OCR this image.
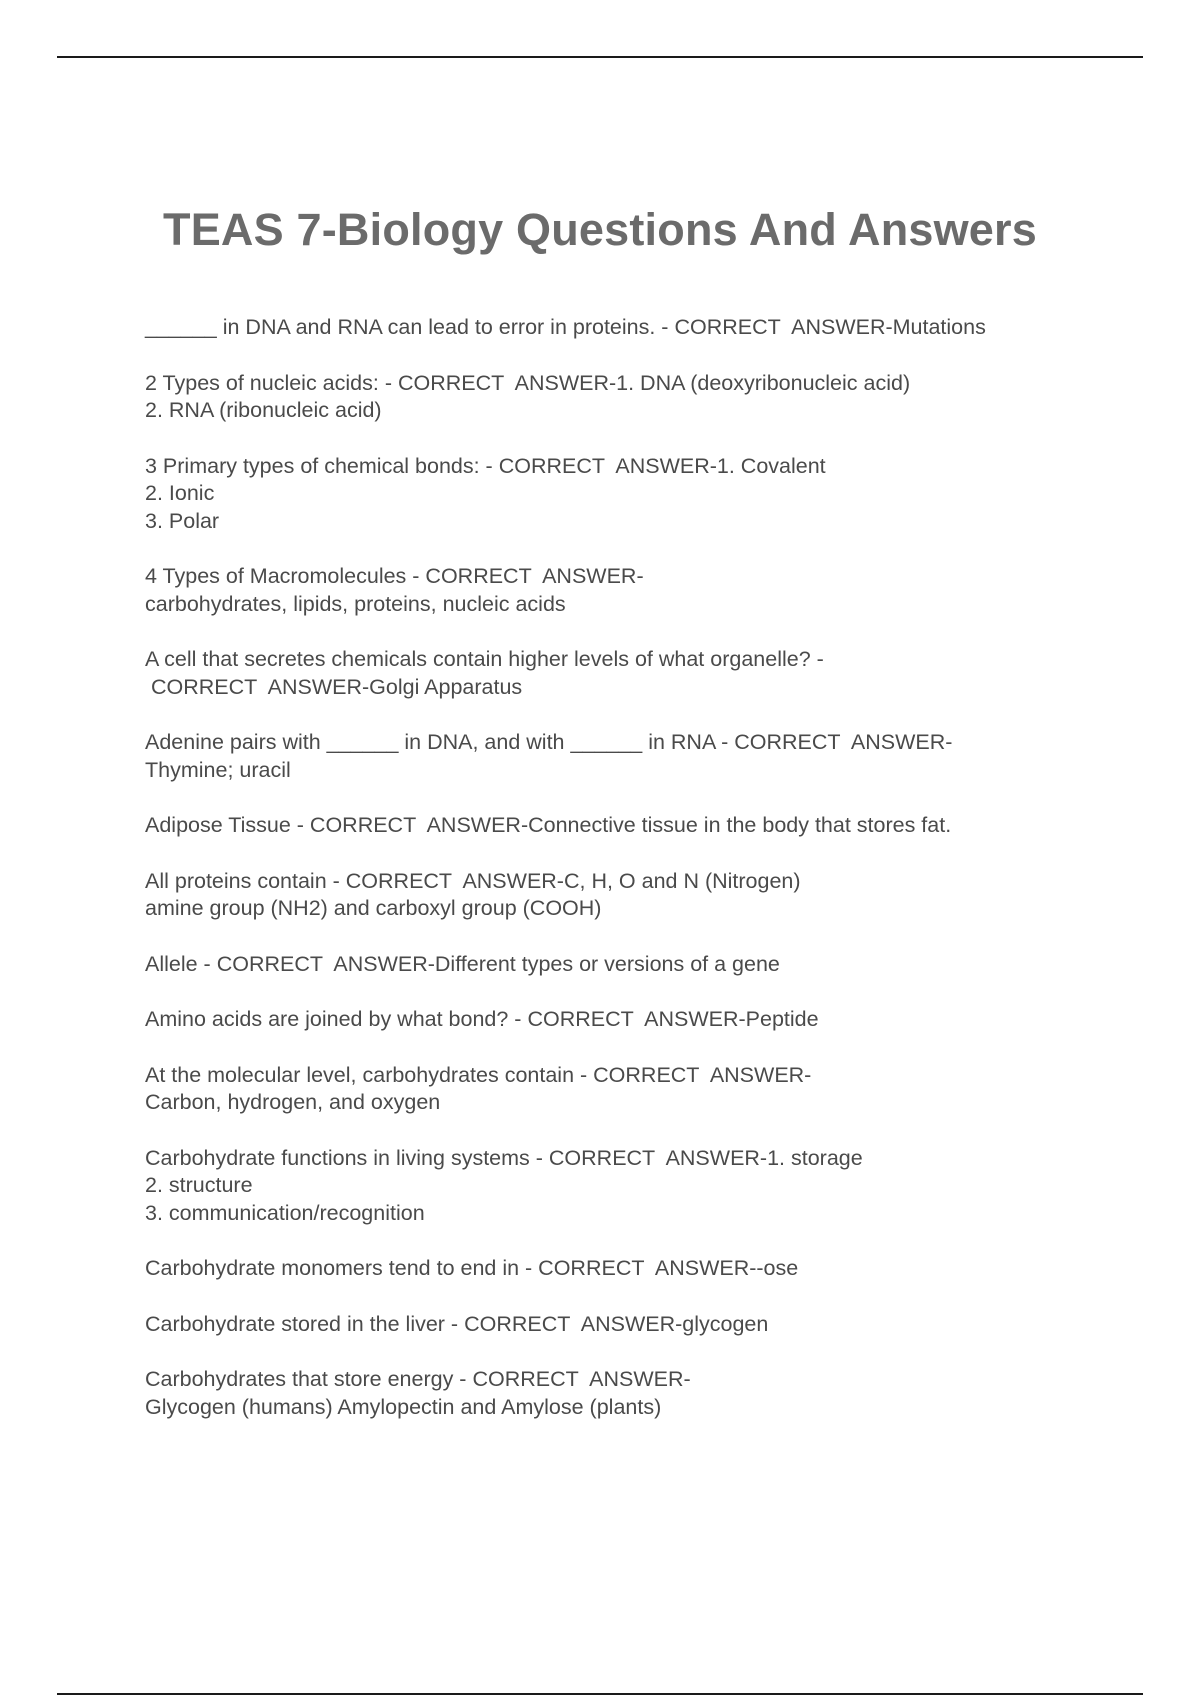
TEAS 7-Biology Questions And Answers
______ in DNA and RNA can lead to error in proteins. - CORRECT  ANSWER-Mutations
2 Types of nucleic acids: - CORRECT  ANSWER-1. DNA (deoxyribonucleic acid)
2. RNA (ribonucleic acid)
3 Primary types of chemical bonds: - CORRECT  ANSWER-1. Covalent
2. Ionic
3. Polar
4 Types of Macromolecules - CORRECT  ANSWER-
carbohydrates, lipids, proteins, nucleic acids
A cell that secretes chemicals contain higher levels of what organelle? -
CORRECT  ANSWER-Golgi Apparatus
Adenine pairs with ______ in DNA, and with ______ in RNA - CORRECT  ANSWER-
Thymine; uracil
Adipose Tissue - CORRECT  ANSWER-Connective tissue in the body that stores fat.
All proteins contain - CORRECT  ANSWER-C, H, O and N (Nitrogen)
amine group (NH2) and carboxyl group (COOH)
Allele - CORRECT  ANSWER-Different types or versions of a gene
Amino acids are joined by what bond? - CORRECT  ANSWER-Peptide
At the molecular level, carbohydrates contain - CORRECT  ANSWER-
Carbon, hydrogen, and oxygen
Carbohydrate functions in living systems - CORRECT  ANSWER-1. storage
2. structure
3. communication/recognition
Carbohydrate monomers tend to end in - CORRECT  ANSWER--ose
Carbohydrate stored in the liver - CORRECT  ANSWER-glycogen
Carbohydrates that store energy - CORRECT  ANSWER-
Glycogen (humans) Amylopectin and Amylose (plants)
